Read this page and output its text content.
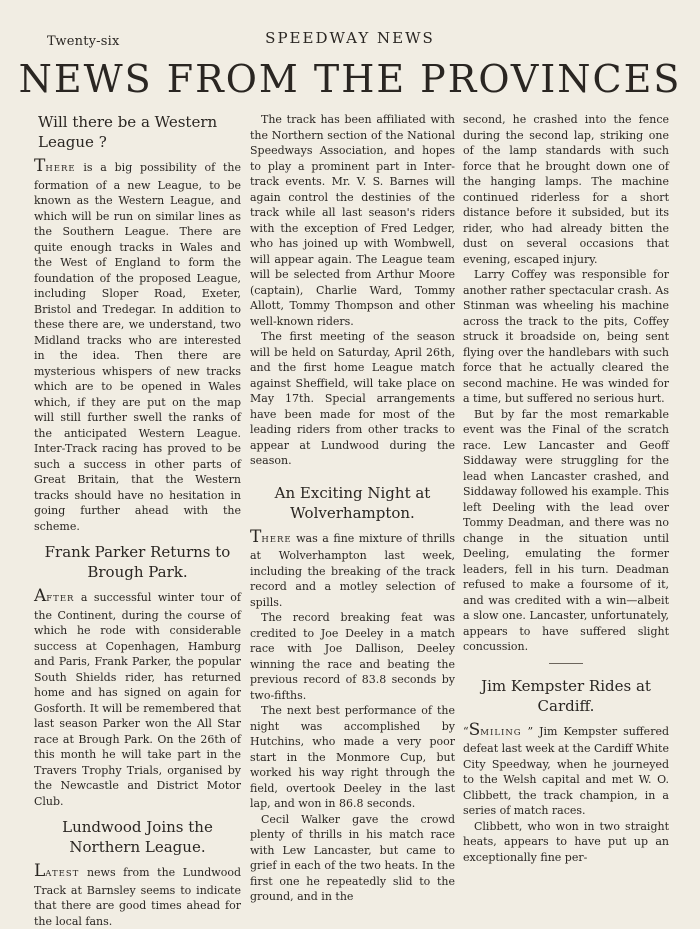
Twenty-six	SPEEDWAY NEWS
NEWS FROM THE PROVINCES
Will there be a Western League ?

THERE is a big possibility of the formation of a new League, to be known as the Western League, and which will be run on similar lines as the Southern League. There are quite enough tracks in Wales and the West of England to form the foundation of the proposed League, including Sloper Road, Exeter, Bristol and Tredegar. In addition to these there are, we understand, two Midland tracks who are interested in the idea. Then there are mysterious whispers of new tracks which are to be opened in Wales which, if they are put on the map will still further swell the ranks of the anticipated Western League. Inter-Track racing has proved to be such a success in other parts of Great Britain, that the Western tracks should have no hesitation in going further ahead with the scheme.

Frank Parker Returns to Brough Park.

AFTER a successful winter tour of the Continent, during the course of which he rode with considerable success at Copenhagen, Hamburg and Paris, Frank Parker, the popular South Shields rider, has returned home and has signed on again for Gosforth. It will be remembered that last season Parker won the All Star race at Brough Park. On the 26th of this month he will take part in the Travers Trophy Trials, organised by the Newcastle and District Motor Club.

Lundwood Joins the Northern League.

LATEST news from the Lundwood Track at Barnsley seems to indicate that there are good times ahead for the local fans.

The track has been affiliated with the Northern section of the National Speedways Association, and hopes to play a prominent part in Inter-track events. Mr. V. S. Barnes will again control the destinies of the track while all last season's riders with the exception of Fred Ledger, who has joined up with Wombwell, will appear again. The League team will be selected from Arthur Moore (captain), Charlie Ward, Tommy Allott, Tommy Thompson and other well-known riders.

The first meeting of the season will be held on Saturday, April 26th, and the first home League match against Sheffield, will take place on May 17th. Special arrangements have been made for most of the leading riders from other tracks to appear at Lundwood during the season.

An Exciting Night at Wolverhampton.

THERE was a fine mixture of thrills at Wolverhampton last week, including the breaking of the track record and a motley selection of spills.

The record breaking feat was credited to Joe Deeley in a match race with Joe Dallison, Deeley winning the race and beating the previous record of 83.8 seconds by two-fifths.

The next best performance of the night was accomplished by Hutchins, who made a very poor start in the Monmore Cup, but worked his way right through the field, overtook Deeley in the last lap, and won in 86.8 seconds.

Cecil Walker gave the crowd plenty of thrills in his match race with Lew Lancaster, but came to grief in each of the two heats. In the first one he repeatedly slid to the ground, and in the

second, he crashed into the fence during the second lap, striking one of the lamp standards with such force that he brought down one of the hanging lamps. The machine continued riderless for a short distance before it subsided, but its rider, who had already bitten the dust on several occasions that evening, escaped injury.

Larry Coffey was responsible for another rather spectacular crash. As Stinman was wheeling his machine across the track to the pits, Coffey struck it broadside on, being sent flying over the handlebars with such force that he actually cleared the second machine. He was winded for a time, but suffered no serious hurt.

But by far the most remarkable event was the Final of the scratch race. Lew Lancaster and Geoff Siddaway were struggling for the lead when Lancaster crashed, and Siddaway followed his example. This left Deeling with the lead over Tommy Deadman, and there was no change in the situation until Deeling, emulating the former leaders, fell in his turn. Deadman refused to make a foursome of it, and was credited with a win—albeit a slow one. Lancaster, unfortunately, appears to have suffered slight concussion.

Jim Kempster Rides at Cardiff.

“SMILING ” Jim Kempster suffered defeat last week at the Cardiff White City Speedway, when he journeyed to the Welsh capital and met W. O. Clibbett, the track champion, in a series of match races.

Clibbett, who won in two straight heats, appears to have put up an exceptionally fine per-
